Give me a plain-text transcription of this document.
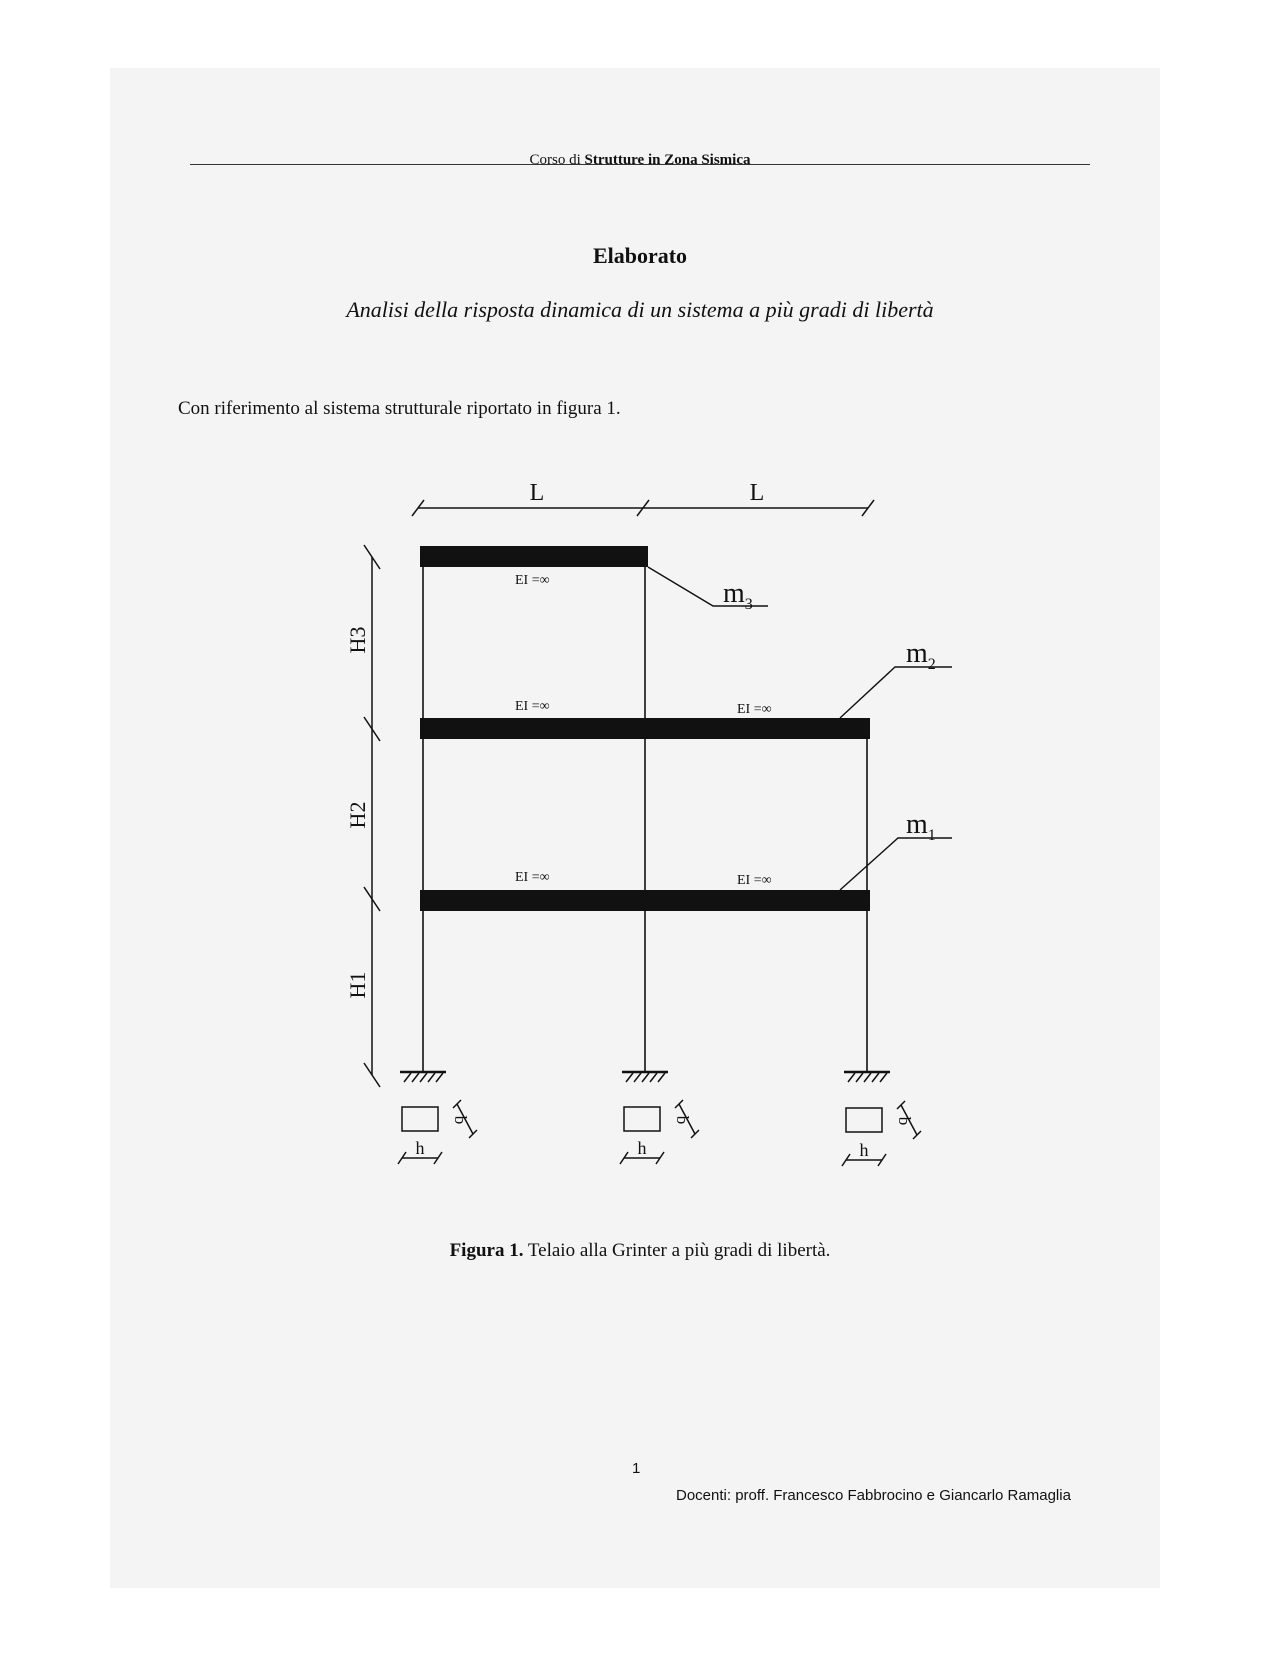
Corso di Strutture in Zona Sismica
Elaborato
Analisi della risposta dinamica di un sistema a più gradi di libertà
Con riferimento al sistema strutturale riportato in figura 1.
L	L
H3
H2
H1
EI =∞
EI =∞	EI =∞
EI =∞	EI =∞
$m_3$
$m_2$
$m_1$
h
b
h
b
h
b
Figura 1. Telaio alla Grinter a più gradi di libertà.
1
Docenti: proff. Francesco Fabbrocino e Giancarlo Ramaglia
